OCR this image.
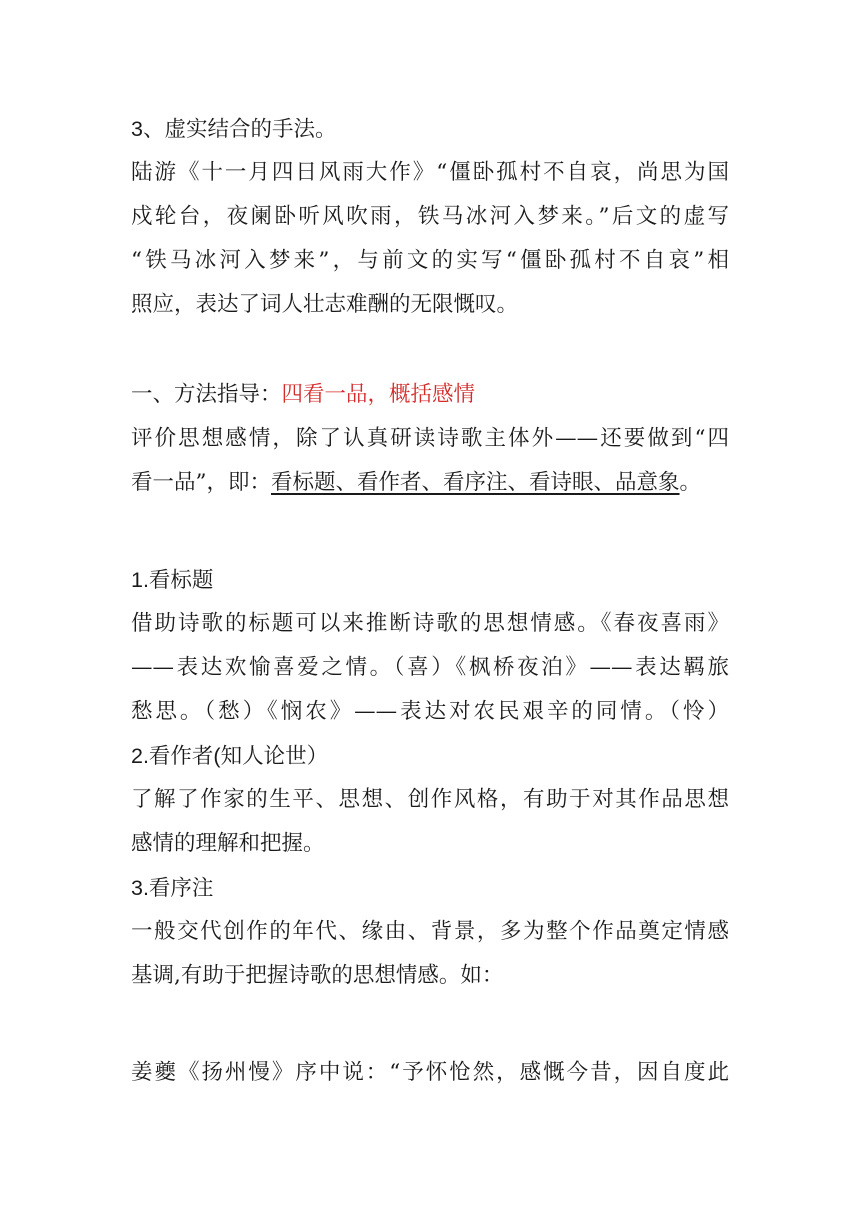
3、虚实结合的手法。
陆游《十一月四日风雨大作》“僵卧孤村不自哀，尚思为国
戍轮台，夜阑卧听风吹雨，铁马冰河入梦来。”后文的虚写
“铁马冰河入梦来”，与前文的实写“僵卧孤村不自哀”相
照应，表达了词人壮志难酬的无限慨叹。
一、方法指导：四看一品，概括感情
评价思想感情，除了认真研读诗歌主体外——还要做到“四
看一品”，即：看标题、看作者、看序注、看诗眼、品意象。
1.看标题
借助诗歌的标题可以来推断诗歌的思想情感。《春夜喜雨》
——表达欢愉喜爱之情。（喜）《枫桥夜泊》——表达羁旅
愁思。（愁）《悯农》——表达对农民艰辛的同情。（怜）
2.看作者(知人论世）
了解了作家的生平、思想、创作风格，有助于对其作品思想
感情的理解和把握。
3.看序注
一般交代创作的年代、缘由、背景，多为整个作品奠定情感
基调,有助于把握诗歌的思想情感。如：
姜夔《扬州慢》序中说：“予怀怆然，感慨今昔，因自度此
